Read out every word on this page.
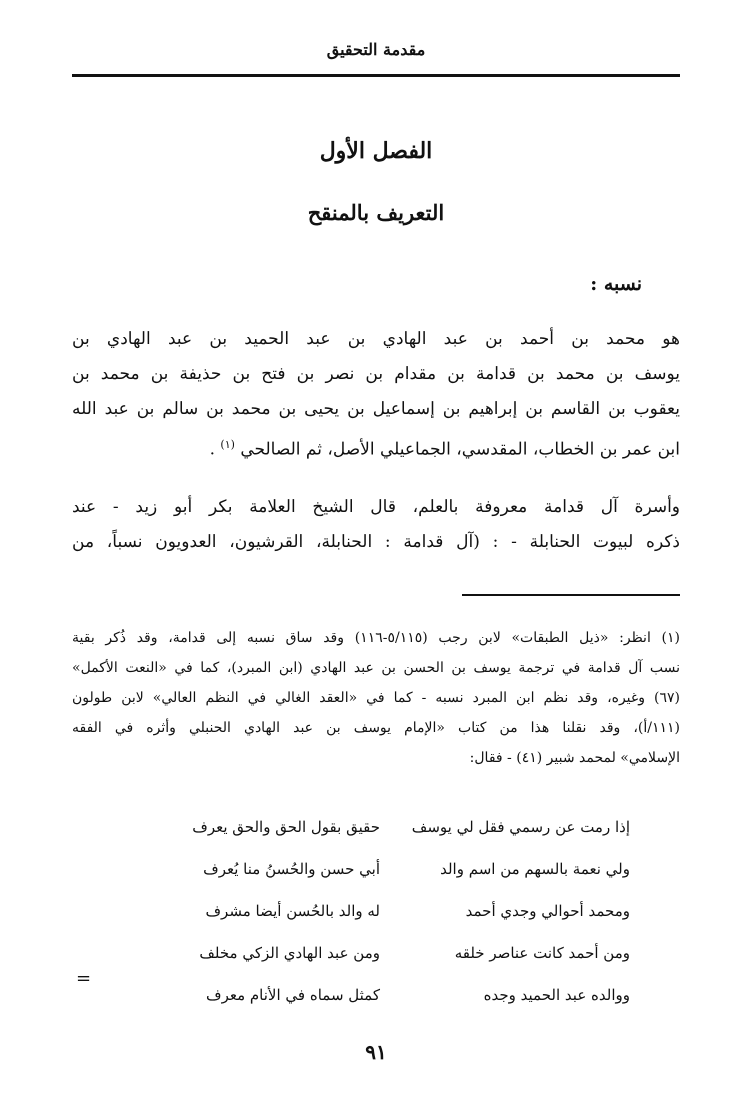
مقدمة التحقيق
الفصل الأول
التعريف بالمنقح
نسبه :
هو محمد بن أحمد بن عبد الهادي بن عبد الحميد بن عبد الهادي بن
يوسف بن محمد بن قدامة بن مقدام بن نصر بن فتح بن حذيفة بن محمد بن
يعقوب بن القاسم بن إبراهيم بن إسماعيل بن يحيى بن محمد بن سالم بن عبد الله
ابن عمر بن الخطاب، المقدسي، الجماعيلي الأصل، ثم الصالحي $^{(١)}$ .
وأسرة آل قدامة معروفة بالعلم، قال الشيخ العلامة بكر أبو زيد - عند
ذكره لبيوت الحنابلة - : (آل قدامة : الحنابلة، القرشيون، العدويون نسباً، من
(١) انظر: «ذيل الطبقات» لابن رجب (٥/١١٥-١١٦) وقد ساق نسبه إلى قدامة، وقد ذُكر بقية
نسب آل قدامة في ترجمة يوسف بن الحسن بن عبد الهادي (ابن المبرد)، كما في «النعت الأكمل»
(٦٧) وغيره، وقد نظم ابن المبرد نسبه - كما في «العقد الغالي في النظم العالي» لابن طولون
(١١١/أ)، وقد نقلنا هذا من كتاب «الإمام يوسف بن عبد الهادي الحنبلي وأثره في الفقه
الإسلامي» لمحمد شبير (٤١) - فقال:
إذا رمت عن رسمي فقل لي يوسف
حقيق بقول الحق والحق يعرف
ولي نعمة بالسهم من اسم والد
أبي حسن والحُسنُ منا يُعرف
ومحمد أحوالي وجدي أحمد
له والد بالحُسن أيضا مشرف
ومن أحمد كانت عناصر خلقه
ومن عبد الهادي الزكي مخلف
ووالده عبد الحميد وجده
كمثل سماه في الأنام معرف
=
٩١
